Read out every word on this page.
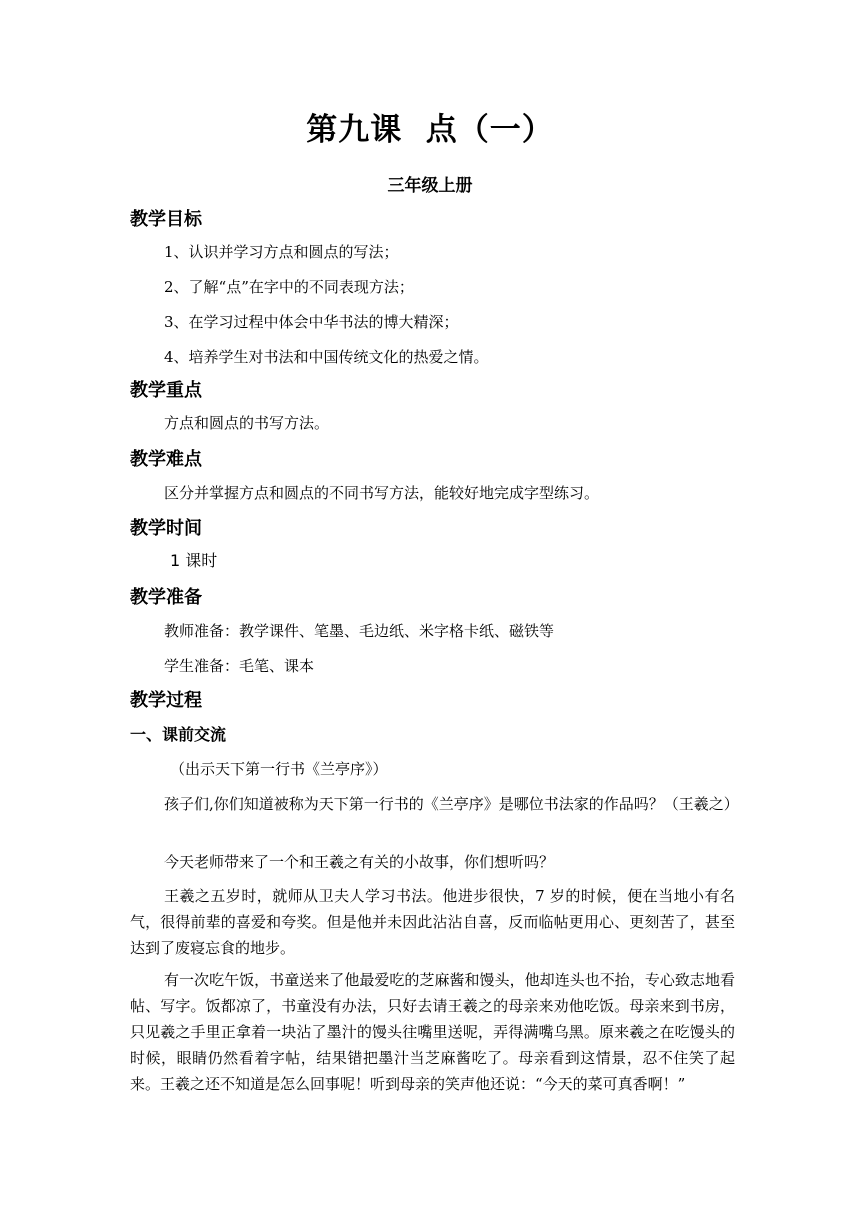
第九课  点（一）
三年级上册
教学目标
1、认识并学习方点和圆点的写法；
2、了解“点”在字中的不同表现方法；
3、在学习过程中体会中华书法的博大精深；
4、培养学生对书法和中国传统文化的热爱之情。
教学重点
方点和圆点的书写方法。
教学难点
区分并掌握方点和圆点的不同书写方法，能较好地完成字型练习。
教学时间
1 课时
教学准备
教师准备：教学课件、笔墨、毛边纸、米字格卡纸、磁铁等
学生准备：毛笔、课本
教学过程
一、课前交流
（出示天下第一行书《兰亭序》）
孩子们,你们知道被称为天下第一行书的《兰亭序》是哪位书法家的作品吗？（王羲之）
今天老师带来了一个和王羲之有关的小故事，你们想听吗？
王羲之五岁时，就师从卫夫人学习书法。他进步很快，7 岁的时候，便在当地小有名气，很得前辈的喜爱和夸奖。但是他并未因此沾沾自喜，反而临帖更用心、更刻苦了，甚至达到了废寝忘食的地步。
有一次吃午饭，书童送来了他最爱吃的芝麻酱和馒头，他却连头也不抬，专心致志地看帖、写字。饭都凉了，书童没有办法，只好去请王羲之的母亲来劝他吃饭。母亲来到书房，只见羲之手里正拿着一块沾了墨汁的馒头往嘴里送呢，弄得满嘴乌黑。原来羲之在吃馒头的时候，眼睛仍然看着字帖，结果错把墨汁当芝麻酱吃了。母亲看到这情景，忍不住笑了起来。王羲之还不知道是怎么回事呢！听到母亲的笑声他还说：“今天的菜可真香啊！”
